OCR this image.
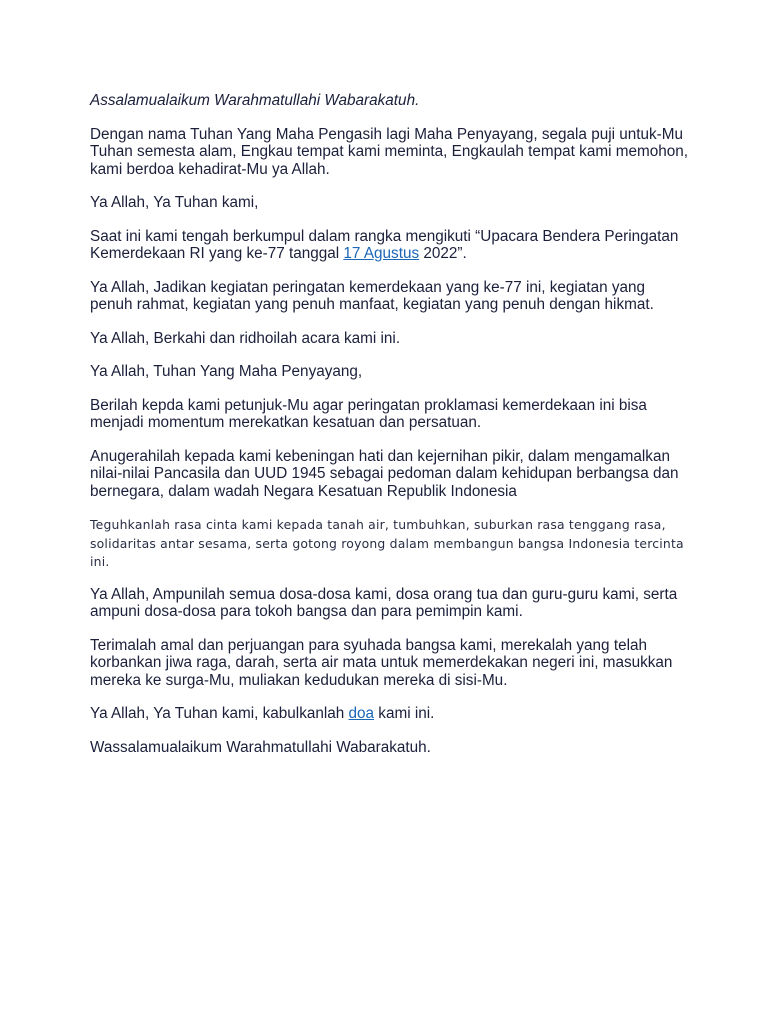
Assalamualaikum Warahmatullahi Wabarakatuh.

Dengan nama Tuhan Yang Maha Pengasih lagi Maha Penyayang, segala puji untuk-Mu Tuhan semesta alam, Engkau tempat kami meminta, Engkaulah tempat kami memohon, kami berdoa kehadirat-Mu ya Allah.

Ya Allah, Ya Tuhan kami,

Saat ini kami tengah berkumpul dalam rangka mengikuti “Upacara Bendera Peringatan Kemerdekaan RI yang ke-77 tanggal 17 Agustus 2022”.

Ya Allah, Jadikan kegiatan peringatan kemerdekaan yang ke-77 ini, kegiatan yang penuh rahmat, kegiatan yang penuh manfaat, kegiatan yang penuh dengan hikmat.

Ya Allah, Berkahi dan ridhoilah acara kami ini.

Ya Allah, Tuhan Yang Maha Penyayang,

Berilah kepda kami petunjuk-Mu agar peringatan proklamasi kemerdekaan ini bisa menjadi momentum merekatkan kesatuan dan persatuan.

Anugerahilah kepada kami kebeningan hati dan kejernihan pikir, dalam mengamalkan nilai-nilai Pancasila dan UUD 1945 sebagai pedoman dalam kehidupan berbangsa dan bernegara, dalam wadah Negara Kesatuan Republik Indonesia

Teguhkanlah rasa cinta kami kepada tanah air, tumbuhkan, suburkan rasa tenggang rasa, solidaritas antar sesama, serta gotong royong dalam membangun bangsa Indonesia tercinta ini.

Ya Allah, Ampunilah semua dosa-dosa kami, dosa orang tua dan guru-guru kami, serta ampuni dosa-dosa para tokoh bangsa dan para pemimpin kami.

Terimalah amal dan perjuangan para syuhada bangsa kami, merekalah yang telah korbankan jiwa raga, darah, serta air mata untuk memerdekakan negeri ini, masukkan mereka ke surga-Mu, muliakan kedudukan mereka di sisi-Mu.

Ya Allah, Ya Tuhan kami, kabulkanlah doa kami ini.

Wassalamualaikum Warahmatullahi Wabarakatuh.
